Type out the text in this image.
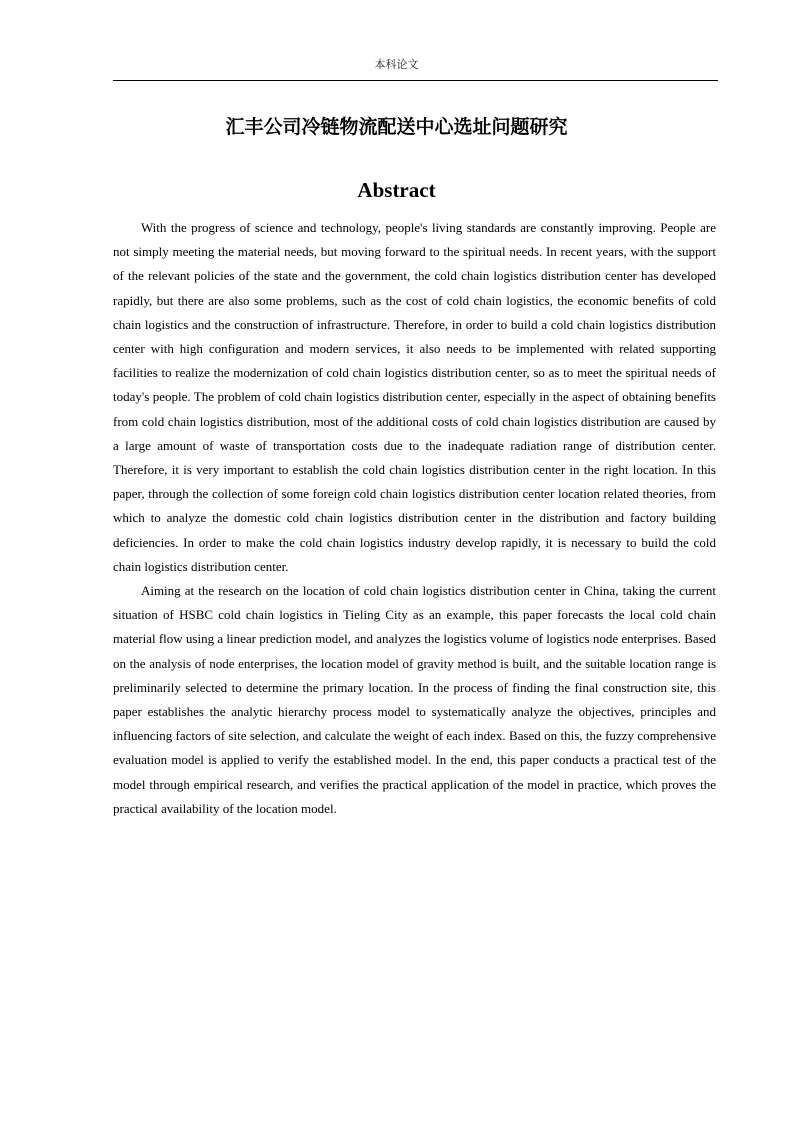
本科论文
汇丰公司冷链物流配送中心选址问题研究
Abstract

With the progress of science and technology, people's living standards are constantly improving. People are not simply meeting the material needs, but moving forward to the spiritual needs. In recent years, with the support of the relevant policies of the state and the government, the cold chain logistics distribution center has developed rapidly, but there are also some problems, such as the cost of cold chain logistics, the economic benefits of cold chain logistics and the construction of infrastructure. Therefore, in order to build a cold chain logistics distribution center with high configuration and modern services, it also needs to be implemented with related supporting facilities to realize the modernization of cold chain logistics distribution center, so as to meet the spiritual needs of today's people. The problem of cold chain logistics distribution center, especially in the aspect of obtaining benefits from cold chain logistics distribution, most of the additional costs of cold chain logistics distribution are caused by a large amount of waste of transportation costs due to the inadequate radiation range of distribution center. Therefore, it is very important to establish the cold chain logistics distribution center in the right location. In this paper, through the collection of some foreign cold chain logistics distribution center location related theories, from which to analyze the domestic cold chain logistics distribution center in the distribution and factory building deficiencies. In order to make the cold chain logistics industry develop rapidly, it is necessary to build the cold chain logistics distribution center.

Aiming at the research on the location of cold chain logistics distribution center in China, taking the current situation of HSBC cold chain logistics in Tieling City as an example, this paper forecasts the local cold chain material flow using a linear prediction model, and analyzes the logistics volume of logistics node enterprises. Based on the analysis of node enterprises, the location model of gravity method is built, and the suitable location range is preliminarily selected to determine the primary location. In the process of finding the final construction site, this paper establishes the analytic hierarchy process model to systematically analyze the objectives, principles and influencing factors of site selection, and calculate the weight of each index. Based on this, the fuzzy comprehensive evaluation model is applied to verify the established model. In the end, this paper conducts a practical test of the model through empirical research, and verifies the practical application of the model in practice, which proves the practical availability of the location model.
